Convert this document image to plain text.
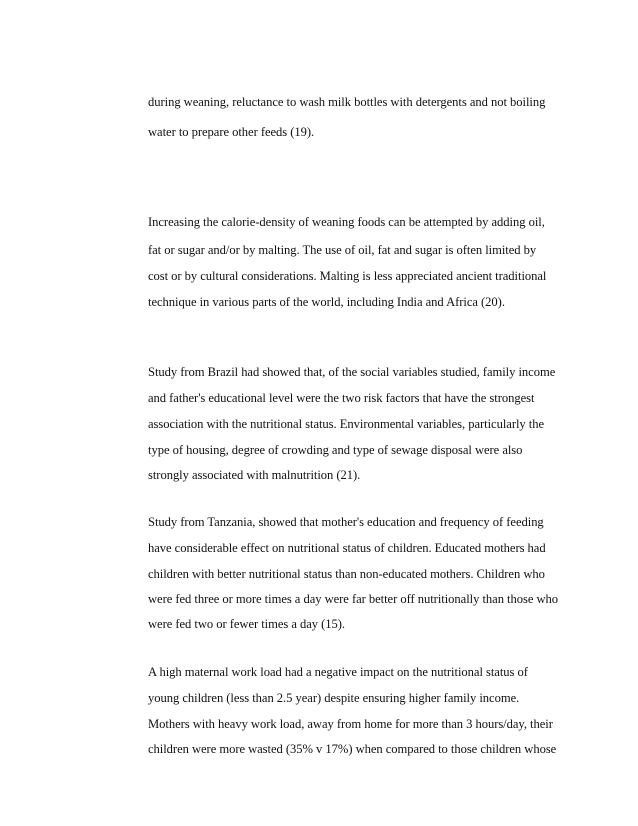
during weaning, reluctance to wash milk bottles with detergents and not boiling
water to prepare other feeds (19).
Increasing the calorie-density of weaning foods can be attempted by adding oil,
fat or sugar and/or by malting. The use of oil, fat and sugar is often limited by
cost or by cultural considerations. Malting is less appreciated ancient traditional
technique in various parts of the world, including India and Africa (20).
Study from Brazil had showed that, of the social variables studied, family income
and father's educational level were the two risk factors that have the strongest
association with the nutritional status. Environmental variables, particularly the
type of housing, degree of crowding and type of sewage disposal were also
strongly associated with malnutrition (21).
Study from Tanzania, showed that mother's education and frequency of feeding
have considerable effect on nutritional status of children. Educated mothers had
children with better nutritional status than non-educated mothers. Children who
were fed three or more times a day were far better off nutritionally than those who
were fed two or fewer times a day (15).
A high maternal work load had a negative impact on the nutritional status of
young children (less than 2.5 year) despite ensuring higher family income.
Mothers with heavy work load, away from home for more than 3 hours/day, their
children were more wasted (35% v 17%) when compared to those children whose
